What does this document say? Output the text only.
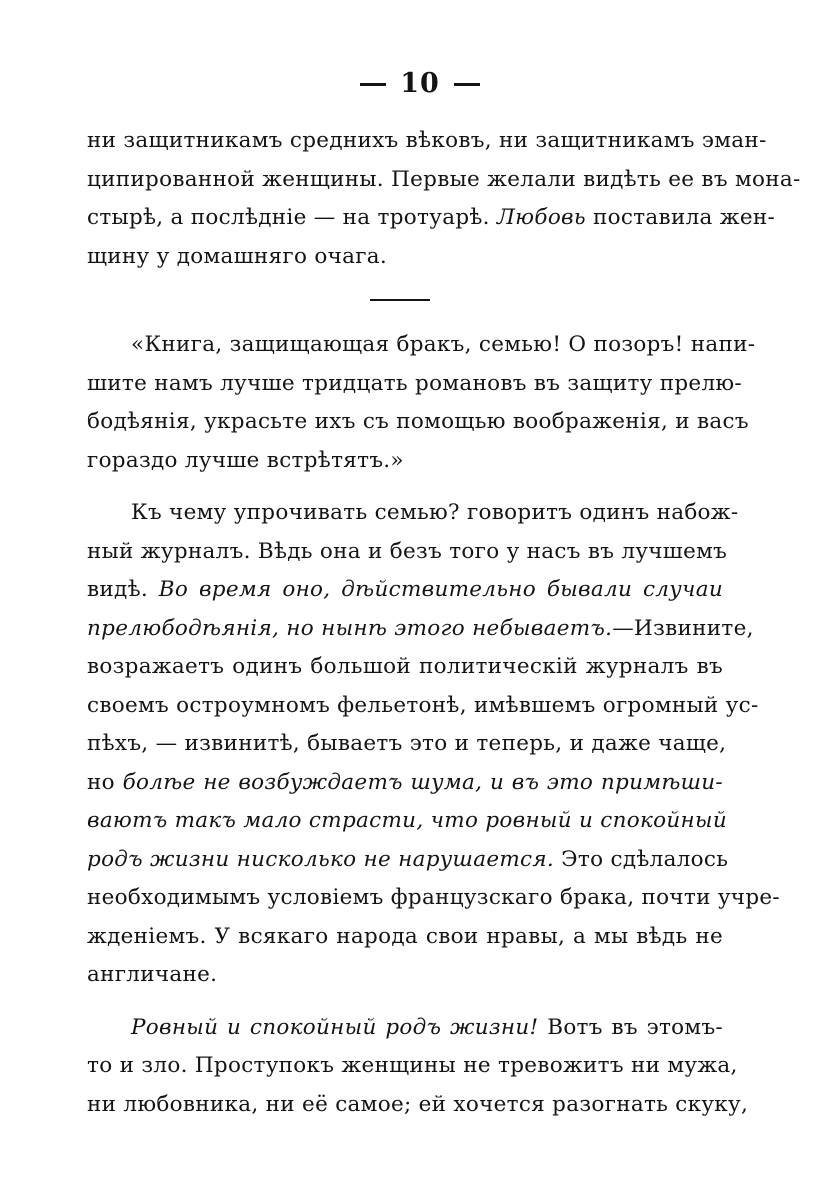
10
ни защитникамъ среднихъ вѣковъ, ни защитникамъ эман-
ципированной женщины. Первые желали видѣть ее въ мона-
стырѣ, а послѣдніе — на тротуарѣ. Любовь поставила жен-
щину у домашняго очага.
«Книга, защищающая бракъ, семью! О позоръ! напи-
шите намъ лучше тридцать романовъ въ защиту прелю-
бодѣянія, украсьте ихъ съ помощью воображенія, и васъ
гораздо лучше встрѣтятъ.»
Къ чему упрочивать семью? говоритъ одинъ набож-
ный журналъ. Вѣдь она и безъ того у насъ въ лучшемъ
видѣ. Во время оно, дѣйствительно бывали случаи
прелюбодѣянія, но нынѣ этого небываетъ.—Извините,
возражаетъ одинъ большой политическій журналъ въ
своемъ остроумномъ фельетонѣ, имѣвшемъ огромный ус-
пѣхъ, — извинитѣ, бываетъ это и теперь, и даже чаще,
но болѣе не возбуждаетъ шума, и въ это примѣши-
ваютъ такъ мало страсти, что ровный и спокойный
родъ жизни нисколько не нарушается. Это сдѣлалось
необходимымъ условіемъ французскаго брака, почти учре-
жденіемъ. У всякаго народа свои нравы, а мы вѣдь не
англичане.
Ровный и спокойный родъ жизни! Вотъ въ этомъ-
то и зло. Проступокъ женщины не тревожитъ ни мужа,
ни любовника, ни её самое; ей хочется разогнать скуку,
